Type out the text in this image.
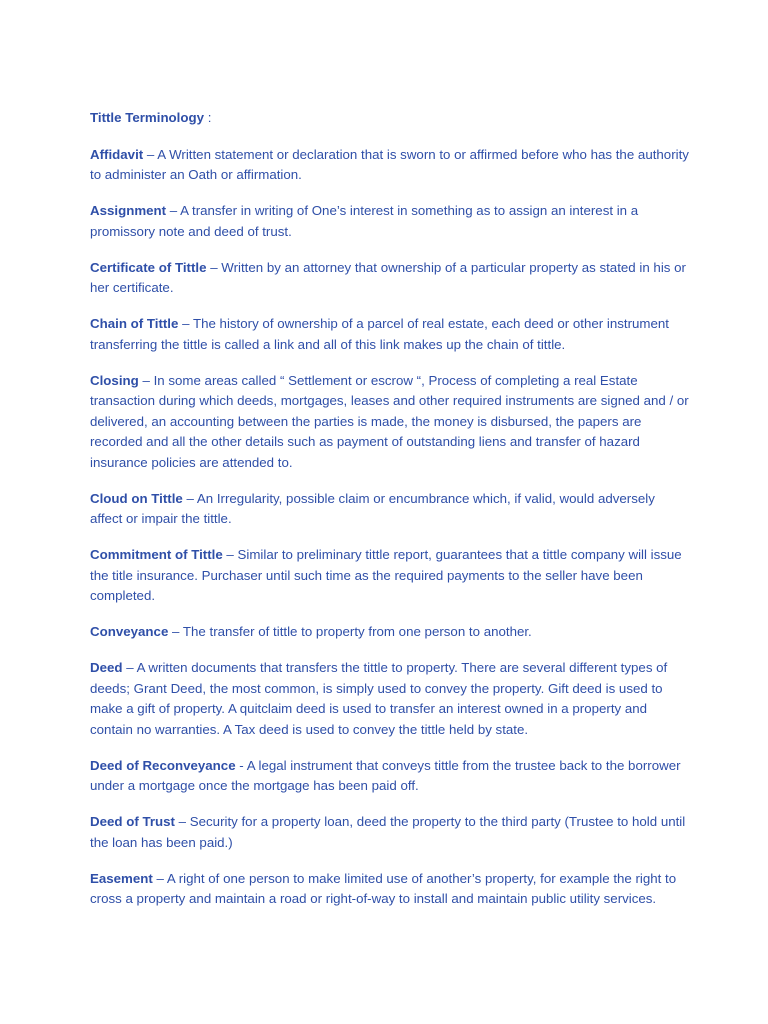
Tittle Terminology :

Affidavit – A Written statement or declaration that is sworn to or affirmed before who has the authority to administer an Oath or affirmation.

Assignment – A transfer in writing of One’s interest in something as to assign an interest in a promissory note and deed of trust.

Certificate of Tittle – Written by an attorney that ownership of a particular property as stated in his or her certificate.

Chain of Tittle – The history of ownership of a parcel of real estate, each deed or other instrument transferring the tittle is called a link and all of this link makes up the chain of tittle.

Closing – In some areas called “ Settlement or escrow “, Process of completing a real Estate transaction during which deeds, mortgages, leases and other required instruments are signed and / or delivered, an accounting between the parties is made, the money is disbursed, the papers are recorded and all the other details such as payment of outstanding liens and transfer of hazard insurance policies are attended to.

Cloud on Tittle – An Irregularity, possible claim or encumbrance which, if valid, would adversely affect or impair the tittle.

Commitment of Tittle – Similar to preliminary tittle report, guarantees that a tittle company will issue the title insurance. Purchaser until such time as the required payments to the seller have been completed.

Conveyance – The transfer of tittle to property from one person to another.

Deed – A written documents that transfers the tittle to property. There are several different types of deeds; Grant Deed, the most common, is simply used to convey the property. Gift deed is used to make a gift of property. A quitclaim deed is used to transfer an interest owned in a property and contain no warranties. A Tax deed is used to convey the tittle held by state.

Deed of Reconveyance - A legal instrument that conveys tittle from the trustee back to the borrower under a mortgage once the mortgage has been paid off.

Deed of Trust – Security for a property loan, deed the property to the third party (Trustee to hold until the loan has been paid.)

Easement – A right of one person to make limited use of another’s property, for example the right to cross a property and maintain a road or right-of-way to install and maintain public utility services.
